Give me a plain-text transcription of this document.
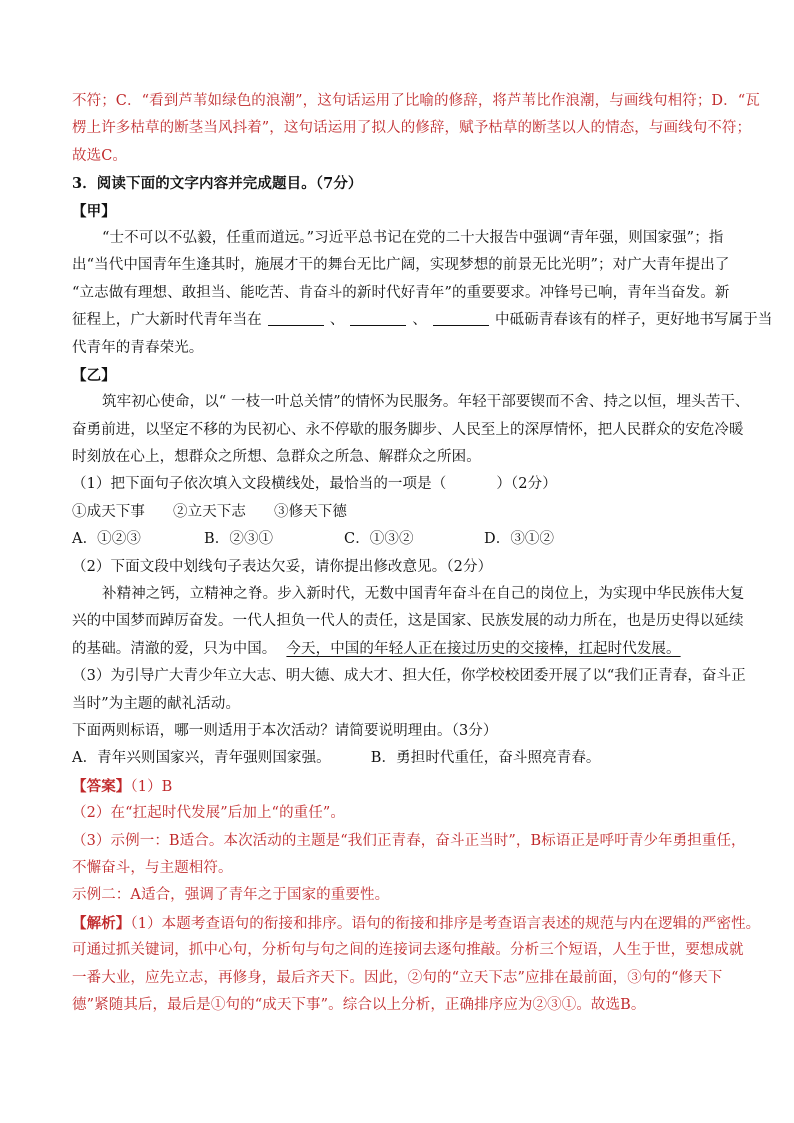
不符；C．“看到芦苇如绿色的浪潮”，这句话运用了比喻的修辞，将芦苇比作浪潮，与画线句相符；D．“瓦
楞上许多枯草的断茎当风抖着”，这句话运用了拟人的修辞，赋予枯草的断茎以人的情态，与画线句不符；
故选C。
3．阅读下面的文字内容并完成题目。（7分）
【甲】
“士不可以不弘毅，任重而道远。”习近平总书记在党的二十大报告中强调“青年强，则国家强”；指
出“当代中国青年生逢其时，施展才干的舞台无比广阔，实现梦想的前景无比光明”；对广大青年提出了
“立志做有理想、敢担当、能吃苦、肯奋斗的新时代好青年”的重要要求。冲锋号已响，青年当奋发。新
征程上，广大新时代青年当在	、	、	中砥砺青春该有的样子，更好地书写属于当
代青年的青春荣光。
【乙】
筑牢初心使命，以“ 一枝一叶总关情”的情怀为民服务。年轻干部要锲而不舍、持之以恒，埋头苦干、
奋勇前进，以坚定不移的为民初心、永不停歇的服务脚步、人民至上的深厚情怀，把人民群众的安危冷暖
时刻放在心上，想群众之所想、急群众之所急、解群众之所困。
（1）把下面句子依次填入文段横线处，最恰当的一项是（	）（2分）
①成天下事 ②立天下志 ③修天下德
A．①②③	B．②③①	C．①③②	D．③①②
（2）下面文段中划线句子表达欠妥，请你提出修改意见。（2分）
补精神之钙，立精神之脊。步入新时代，无数中国青年奋斗在自己的岗位上，为实现中华民族伟大复
兴的中国梦而踔厉奋发。一代人担负一代人的责任，这是国家、民族发展的动力所在，也是历史得以延续
的基础。清澈的爱，只为中国。 今天，中国的年轻人正在接过历史的交接棒，扛起时代发展。
（3）为引导广大青少年立大志、明大德、成大才、担大任，你学校校团委开展了以“我们正青春，奋斗正
当时”为主题的献礼活动。
下面两则标语，哪一则适用于本次活动？请简要说明理由。（3分）
A．青年兴则国家兴，青年强则国家强。	B．勇担时代重任，奋斗照亮青春。
【答案】（1）B
（2）在“扛起时代发展”后加上“的重任”。
（3）示例一：B适合。本次活动的主题是“我们正青春，奋斗正当时”，B标语正是呼吁青少年勇担重任，
不懈奋斗，与主题相符。
示例二：A适合，强调了青年之于国家的重要性。
【解析】（1）本题考查语句的衔接和排序。语句的衔接和排序是考查语言表述的规范与内在逻辑的严密性。
可通过抓关键词，抓中心句，分析句与句之间的连接词去逐句推敲。分析三个短语，人生于世，要想成就
一番大业，应先立志，再修身，最后齐天下。因此，②句的“立天下志”应排在最前面，③句的“修天下
德”紧随其后，最后是①句的“成天下事”。综合以上分析，正确排序应为②③①。故选B。
